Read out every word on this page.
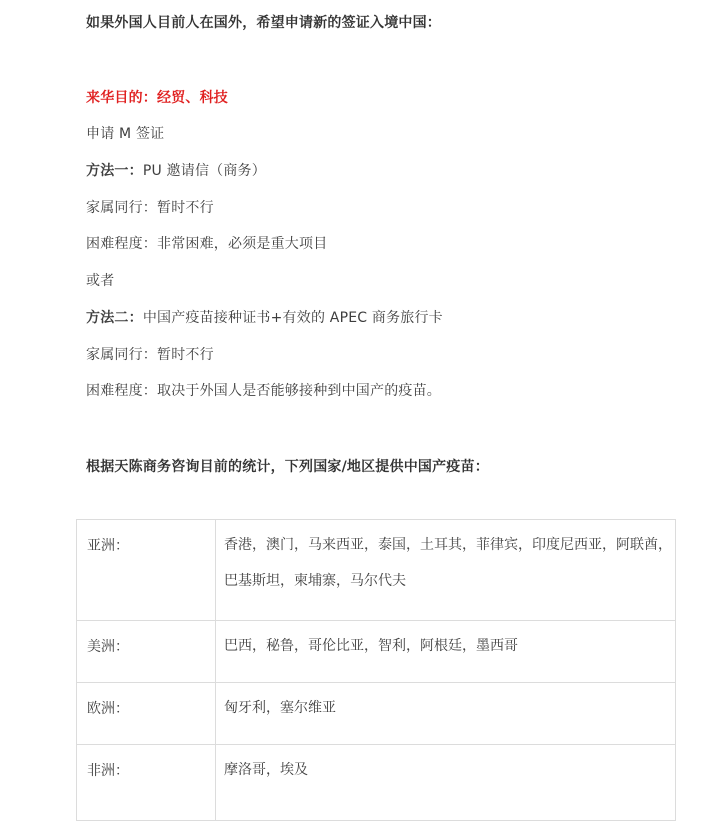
如果外国人目前人在国外，希望申请新的签证入境中国：
来华目的：经贸、科技
申请 M 签证
方法一：PU 邀请信（商务）
家属同行：暂时不行
困难程度：非常困难，必须是重大项目
或者
方法二：中国产疫苗接种证书+有效的 APEC 商务旅行卡
家属同行：暂时不行
困难程度：取决于外国人是否能够接种到中国产的疫苗。
根据天陈商务咨询目前的统计，下列国家/地区提供中国产疫苗：
亚洲：	香港，澳门，马来西亚，泰国，土耳其，菲律宾，印度尼西亚，阿联酋，巴基斯坦，柬埔寨，马尔代夫

美洲：	巴西，秘鲁，哥伦比亚，智利，阿根廷，墨西哥

欧洲：	匈牙利，塞尔维亚

非洲：	摩洛哥，埃及
